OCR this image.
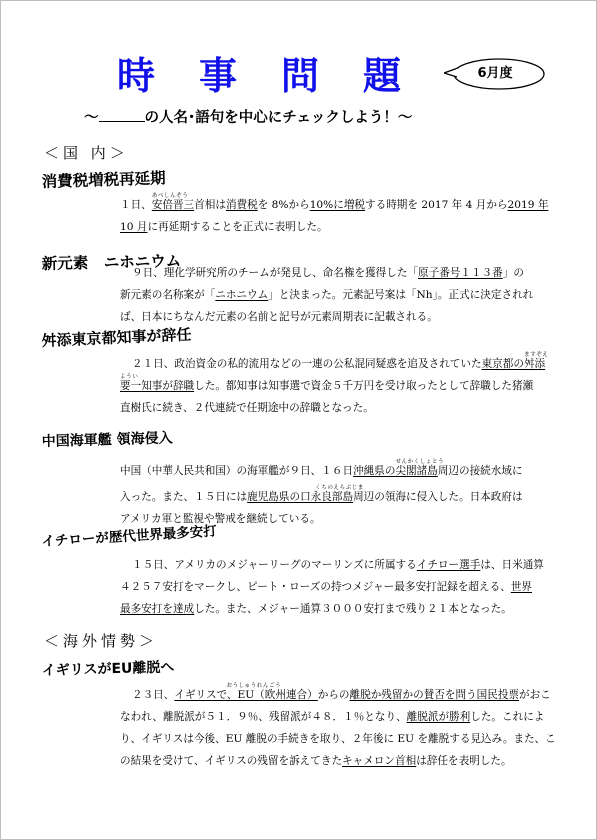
時 事 問 題	6月度
～	の人名･語句を中心にチェックしよう！～
＜国 内＞
消費税増税再延期
１日、安倍晋三
あべしんぞう
首相は消費税を 8%から10%に増税する時期を 2017 年 4 月から2019 年
10 月に再延期することを正式に表明した。
新元素　ニホニウム
９日、理化学研究所のチームが発見し、命名権を獲得した「原子番号１１３番」の
新元素の名称案が「ニホニウム」と決まった。元素記号案は「Nh」。正式に決定されれ
ば、日本にちなんだ元素の名前と記号が元素周期表に記載される。
舛添東京都知事が辞任
２１日、政治資金の私的流用などの一連の公私混同疑惑を追及されていた東京都の舛添
ますぞえ
要一
ようい
知事が辞職した。都知事は知事選で資金５千万円を受け取ったとして辞職した猪瀬
直樹氏に続き、２代連続で任期途中の辞職となった。
中国海軍艦 領海侵入
中国（中華人民共和国）の海軍艦が９日、１６日沖縄県の尖閣諸島
せんかくしょとう
周辺の接続水域に
入った。また、１５日には鹿児島県の口永良部島
くちのえらぶじま
周辺の領海に侵入した。日本政府は
アメリカ軍と監視や警戒を継続している。
イチローが歴代世界最多安打
１５日、アメリカのメジャーリーグのマーリンズに所属するイチロー選手は、日米通算
４２５７安打をマークし、ピート・ローズの持つメジャー最多安打記録を超える、世界
最多安打を達成した。また、メジャー通算３０００安打まで残り２１本となった。
＜海外情勢＞
イギリスがEU離脱へ
２３日、イギリスで、EU（欧州連合）
おうしゅうれんごう
からの離脱か残留かの賛否を問う国民投票がおこ
なわれ、離脱派が５１．９％、残留派が４８．１％となり、離脱派が勝利した。これによ
り、イギリスは今後、EU 離脱の手続きを取り、２年後に EU を離脱する見込み。また、こ
の結果を受けて、イギリスの残留を訴えてきたキャメロン首相は辞任を表明した。
